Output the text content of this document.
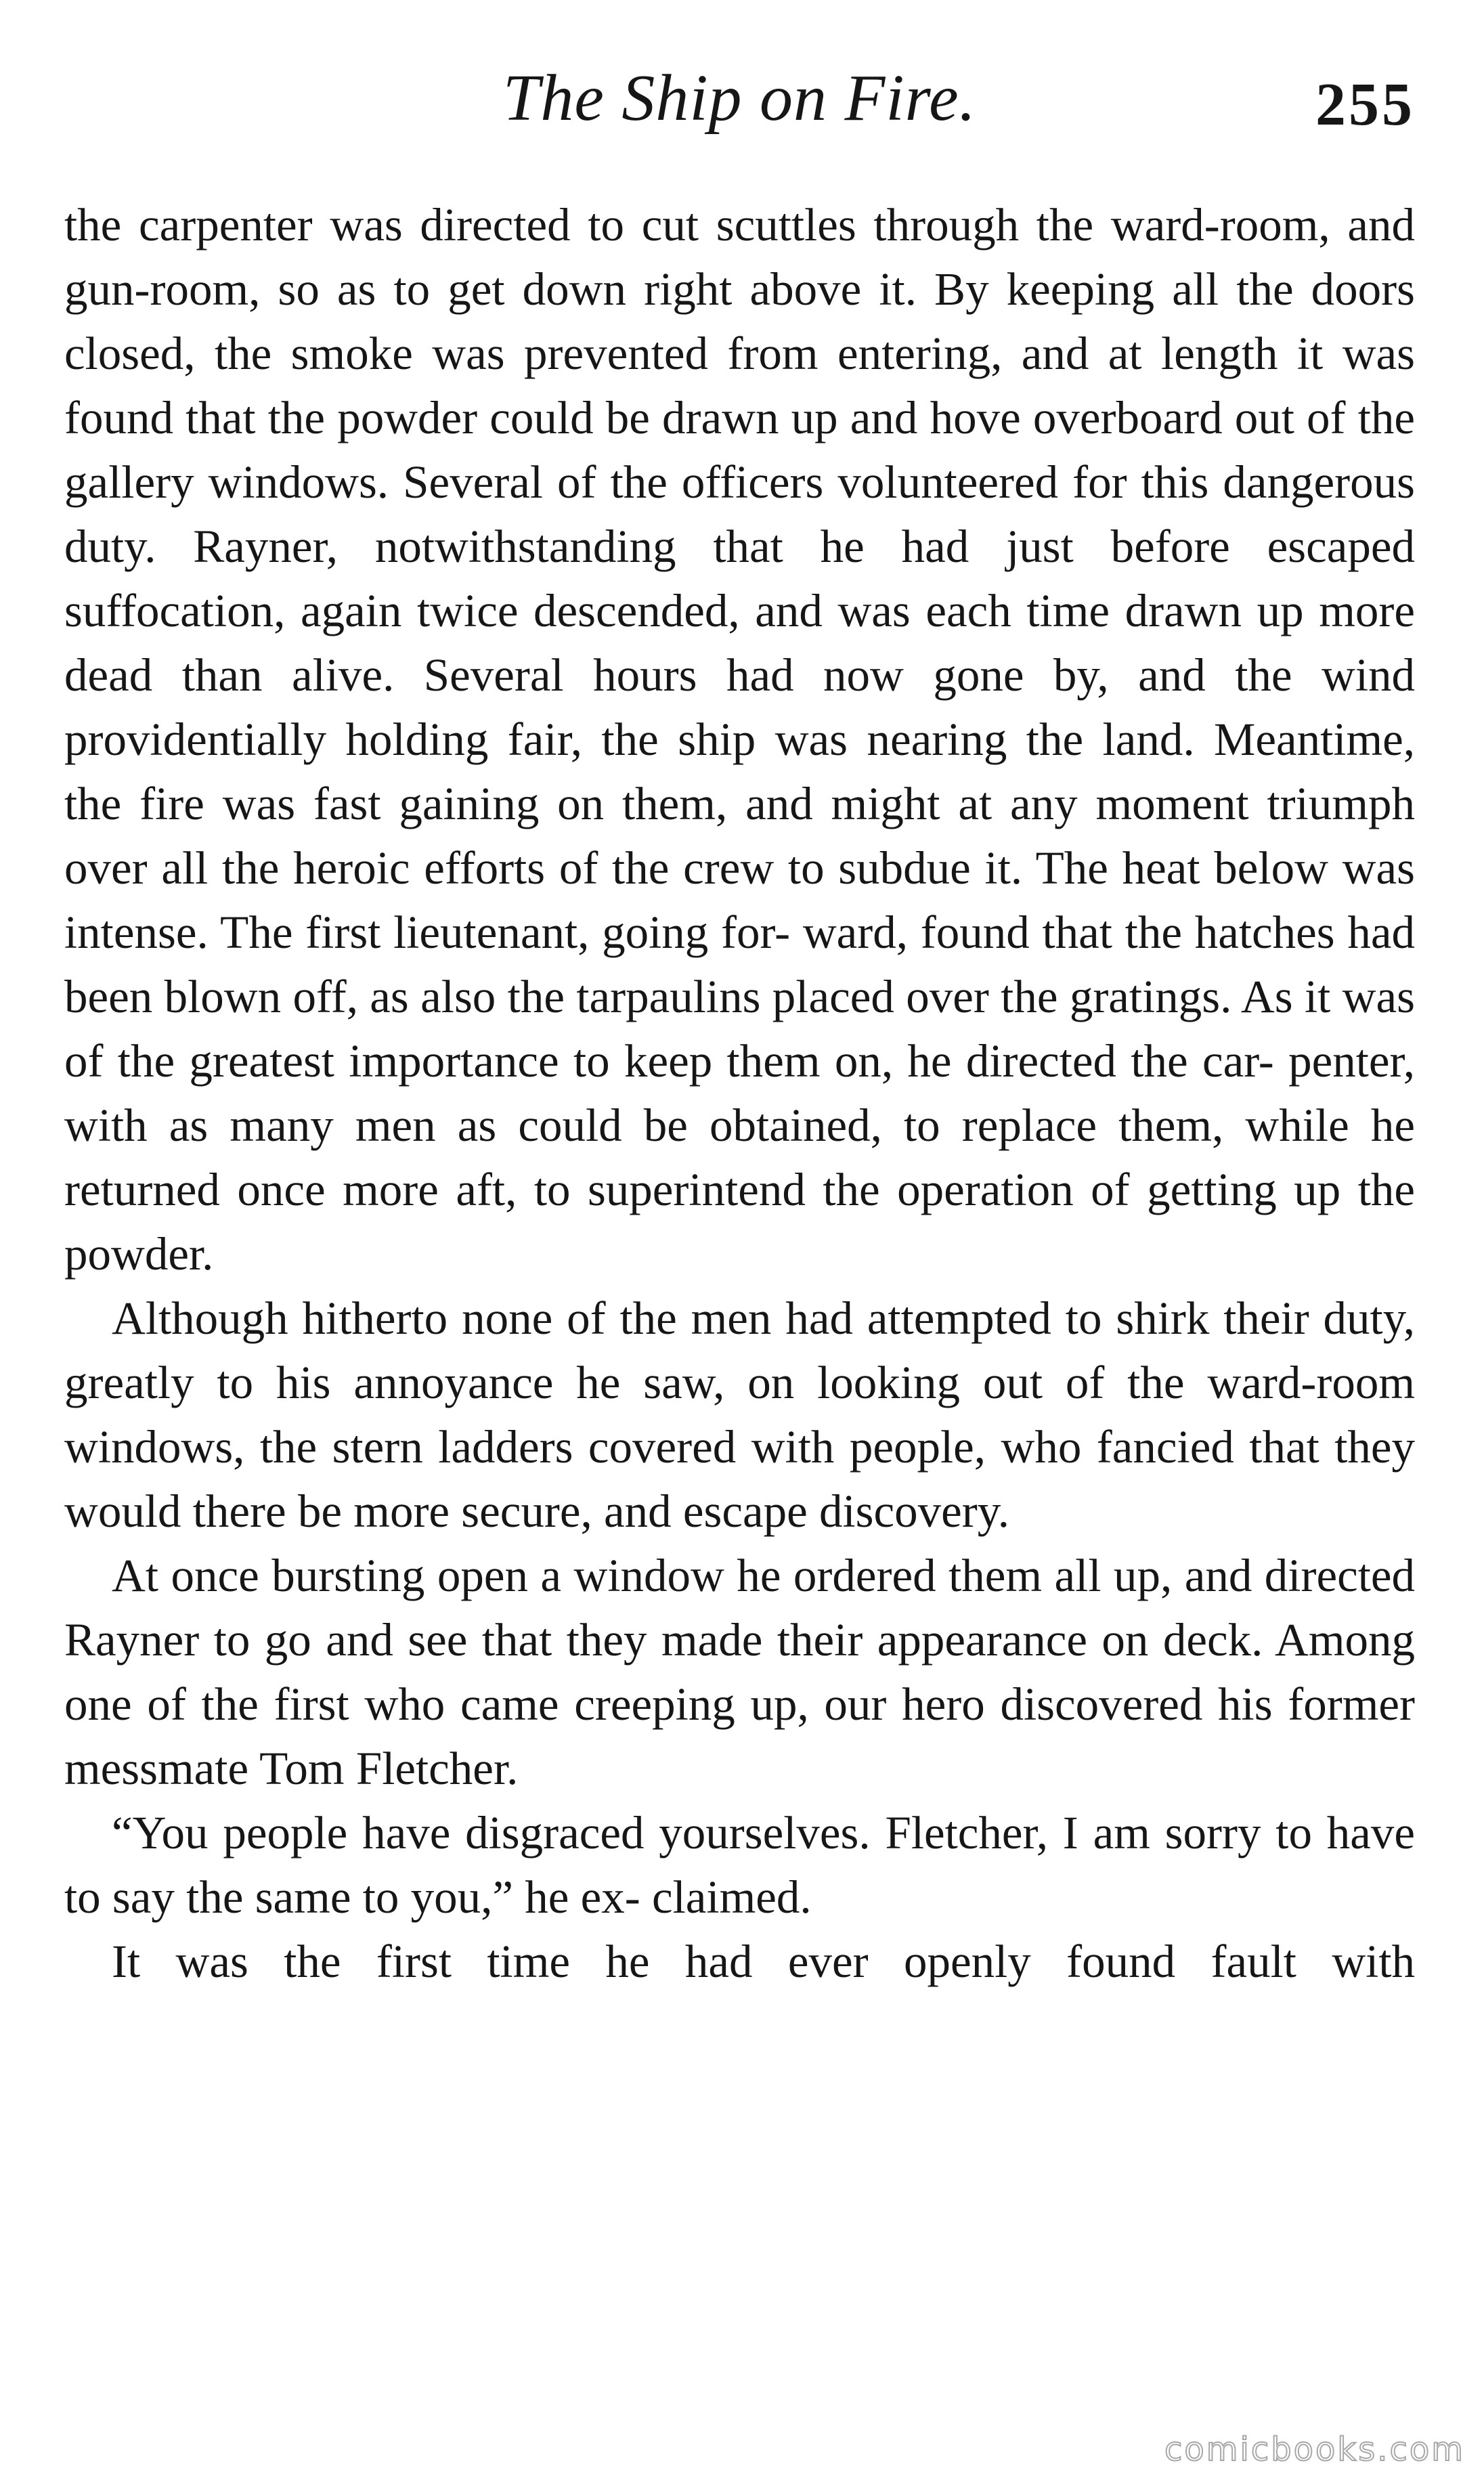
The Ship on Fire.	255

the carpenter was directed to cut scuttles through the ward-room, and gun-room, so as to get down right above it. By keeping all the doors closed, the smoke was prevented from entering, and at length it was found that the powder could be drawn up and hove overboard out of the gallery windows. Several of the officers volunteered for this dangerous duty. Rayner, notwithstanding that he had just before escaped suffocation, again twice descended, and was each time drawn up more dead than alive. Several hours had now gone by, and the wind providentially holding fair, the ship was nearing the land. Meantime, the fire was fast gaining on them, and might at any moment triumph over all the heroic efforts of the crew to subdue it. The heat below was intense. The first lieutenant, going for- ward, found that the hatches had been blown off, as also the tarpaulins placed over the gratings. As it was of the greatest importance to keep them on, he directed the car- penter, with as many men as could be obtained, to replace them, while he returned once more aft, to superintend the operation of getting up the powder.

Although hitherto none of the men had attempted to shirk their duty, greatly to his annoyance he saw, on looking out of the ward-room windows, the stern ladders covered with people, who fancied that they would there be more secure, and escape discovery.

At once bursting open a window he ordered them all up, and directed Rayner to go and see that they made their appearance on deck. Among one of the first who came creeping up, our hero discovered his former messmate Tom Fletcher.

“You people have disgraced yourselves. Fletcher, I am sorry to have to say the same to you,” he ex- claimed.

It was the first time he had ever openly found fault with

comicbooks.com
